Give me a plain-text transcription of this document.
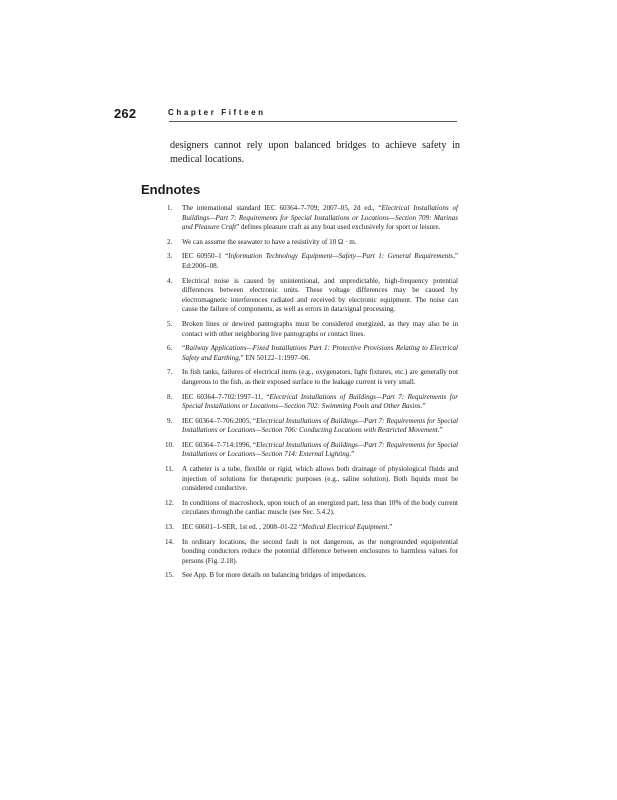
262	Chapter Fifteen

designers cannot rely upon balanced bridges to achieve safety in medical locations.

Endnotes
1. The international standard IEC 60364–7-709; 2007–05, 2d ed., “Electrical Installations of Buildings—Part 7: Requirements for Special Installations or Locations—Section 709: Marinas and Pleasure Craft” defines pleasure craft as any boat used exclusively for sport or leisure.
2. We can assume the seawater to have a resistivity of 10 Ω · m.
3. IEC 60950–1 “Information Technology Equipment—Safety—Part 1: General Requirements,” Ed:2006–08.
4. Electrical noise is caused by unintentional, and unpredictable, high-frequency potential differences between electronic units. These voltage differences may be caused by electromagnetic interferences radiated and received by electronic equipment. The noise can cause the failure of components, as well as errors in data/signal processing.
5. Broken lines or dewired pantographs must be considered energized, as they may also be in contact with other neighboring live pantographs or contact lines.
6. “Railway Applications—Fixed Installations Part 1: Protective Provisions Relating to Electrical Safety and Earthing,” EN 50122–1:1997–06.
7. In fish tanks, failures of electrical items (e.g., oxygenators, light fixtures, etc.) are generally not dangerous to the fish, as their exposed surface to the leakage current is very small.
8. IEC 60364–7-702:1997–11, “Electrical Installations of Buildings—Part 7: Requirements for Special Installations or Locations—Section 702: Swimming Pools and Other Basins.”
9. IEC 60364–7-706:2005, “Electrical Installations of Buildings—Part 7: Requirements for Special Installations or Locations—Section 706: Conducting Locations with Restricted Movement.”
10. IEC 60364–7-714:1996, “Electrical Installations of Buildings—Part 7: Requirements for Special Installations or Locations—Section 714: External Lighting.”
11. A catheter is a tube, flexible or rigid, which allows both drainage of physiological fluids and injection of solutions for therapeutic purposes (e.g., saline solution). Both liquids must be considered conductive.
12. In conditions of macroshock, upon touch of an energized part, less than 10% of the body current circulates through the cardiac muscle (see Sec. 5.4.2).
13. IEC 60601–1-SER, 1st ed. , 2008–01-22 “Medical Electrical Equipment.”
14. In ordinary locations, the second fault is not dangerous, as the nongrounded equipotential bonding conductors reduce the potential difference between enclosures to harmless values for persons (Fig. 2.18).
15. See App. B for more details on balancing bridges of impedances.
